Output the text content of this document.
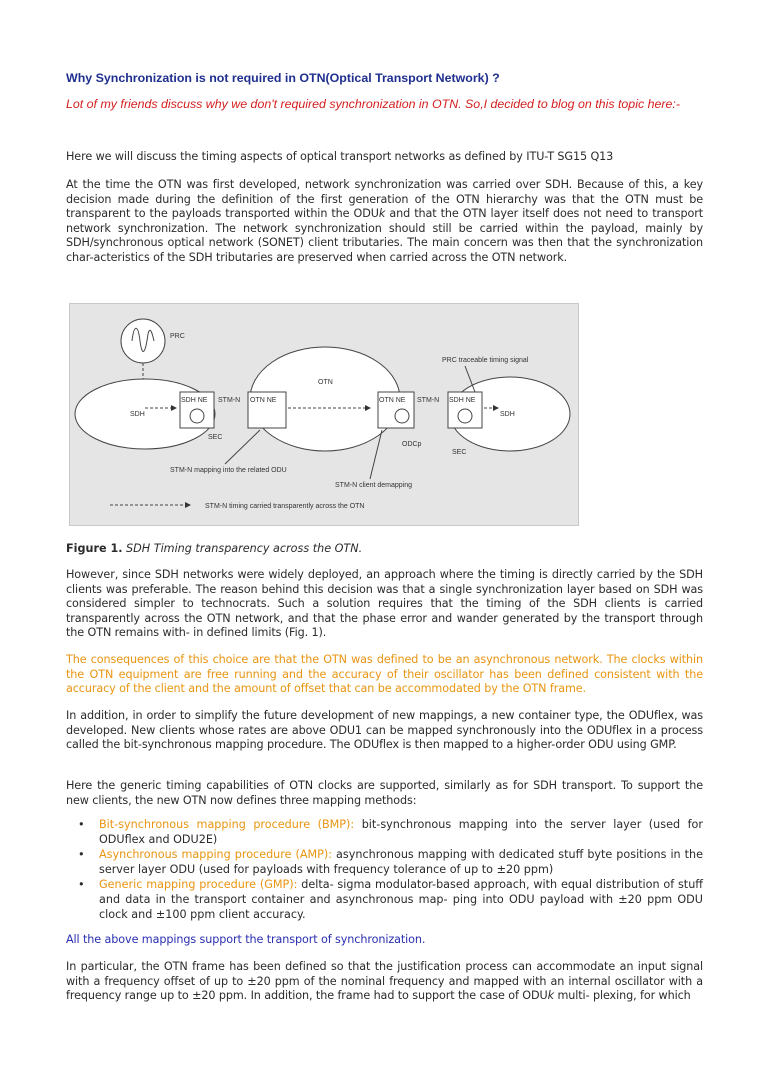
Why Synchronization is not required in OTN(Optical Transport Network) ?
Lot of my friends discuss why we don't required synchronization in OTN. So,I decided to blog on this topic here:-
Here we will discuss the timing aspects of optical transport networks as defined by ITU-T SG15 Q13
At the time the OTN was first developed, network synchronization was carried over SDH. Because of this, a key decision made during the definition of the first generation of the OTN hierarchy was that the OTN must be transparent to the payloads transported within the ODUk and that the OTN layer itself does not need to transport network synchronization. The network synchronization should still be carried within the payload, mainly by SDH/synchronous optical network (SONET) client tributaries. The main concern was then that the synchronization char-acteristics of the SDH tributaries are preserved when carried across the OTN network.
PRC
SDH
OTN
SDH
SDH NE STM-N OTN NE
SEC
OTN NE STM-N SDH NE
ODCp
SEC
PRC traceable timing signal
STM-N mapping into the related ODU
STM-N client demapping
STM-N timing carried transparently across the OTN
Figure 1. SDH Timing transparency across the OTN.
However, since SDH networks were widely deployed, an approach where the timing is directly carried by the SDH clients was preferable. The reason behind this decision was that a single synchronization layer based on SDH was considered simpler to technocrats. Such a solution requires that the timing of the SDH clients is carried transparently across the OTN network, and that the phase error and wander generated by the transport through the OTN remains with- in defined limits (Fig. 1).
The consequences of this choice are that the OTN was defined to be an asynchronous network. The clocks within the OTN equipment are free running and the accuracy of their oscillator has been defined consistent with the accuracy of the client and the amount of offset that can be accommodated by the OTN frame.
In addition, in order to simplify the future development of new mappings, a new container type, the ODUflex, was developed. New clients whose rates are above ODU1 can be mapped synchronously into the ODUflex in a process called the bit-synchronous mapping procedure. The ODUflex is then mapped to a higher-order ODU using GMP.
Here the generic timing capabilities of OTN clocks are supported, similarly as for SDH transport. To support the new clients, the new OTN now defines three mapping methods:
• Bit-synchronous mapping procedure (BMP): bit-synchronous mapping into the server layer (used for ODUflex and ODU2E)
• Asynchronous mapping procedure (AMP): asynchronous mapping with dedicated stuff byte positions in the server layer ODU (used for payloads with frequency tolerance of up to ±20 ppm)
• Generic mapping procedure (GMP): delta- sigma modulator-based approach, with equal distribution of stuff and data in the transport container and asynchronous map- ping into ODU payload with ±20 ppm ODU clock and ±100 ppm client accuracy.
All the above mappings support the transport of synchronization.
In particular, the OTN frame has been defined so that the justification process can accommodate an input signal with a frequency offset of up to ±20 ppm of the nominal frequency and mapped with an internal oscillator with a frequency range up to ±20 ppm. In addition, the frame had to support the case of ODUk multi- plexing, for which
